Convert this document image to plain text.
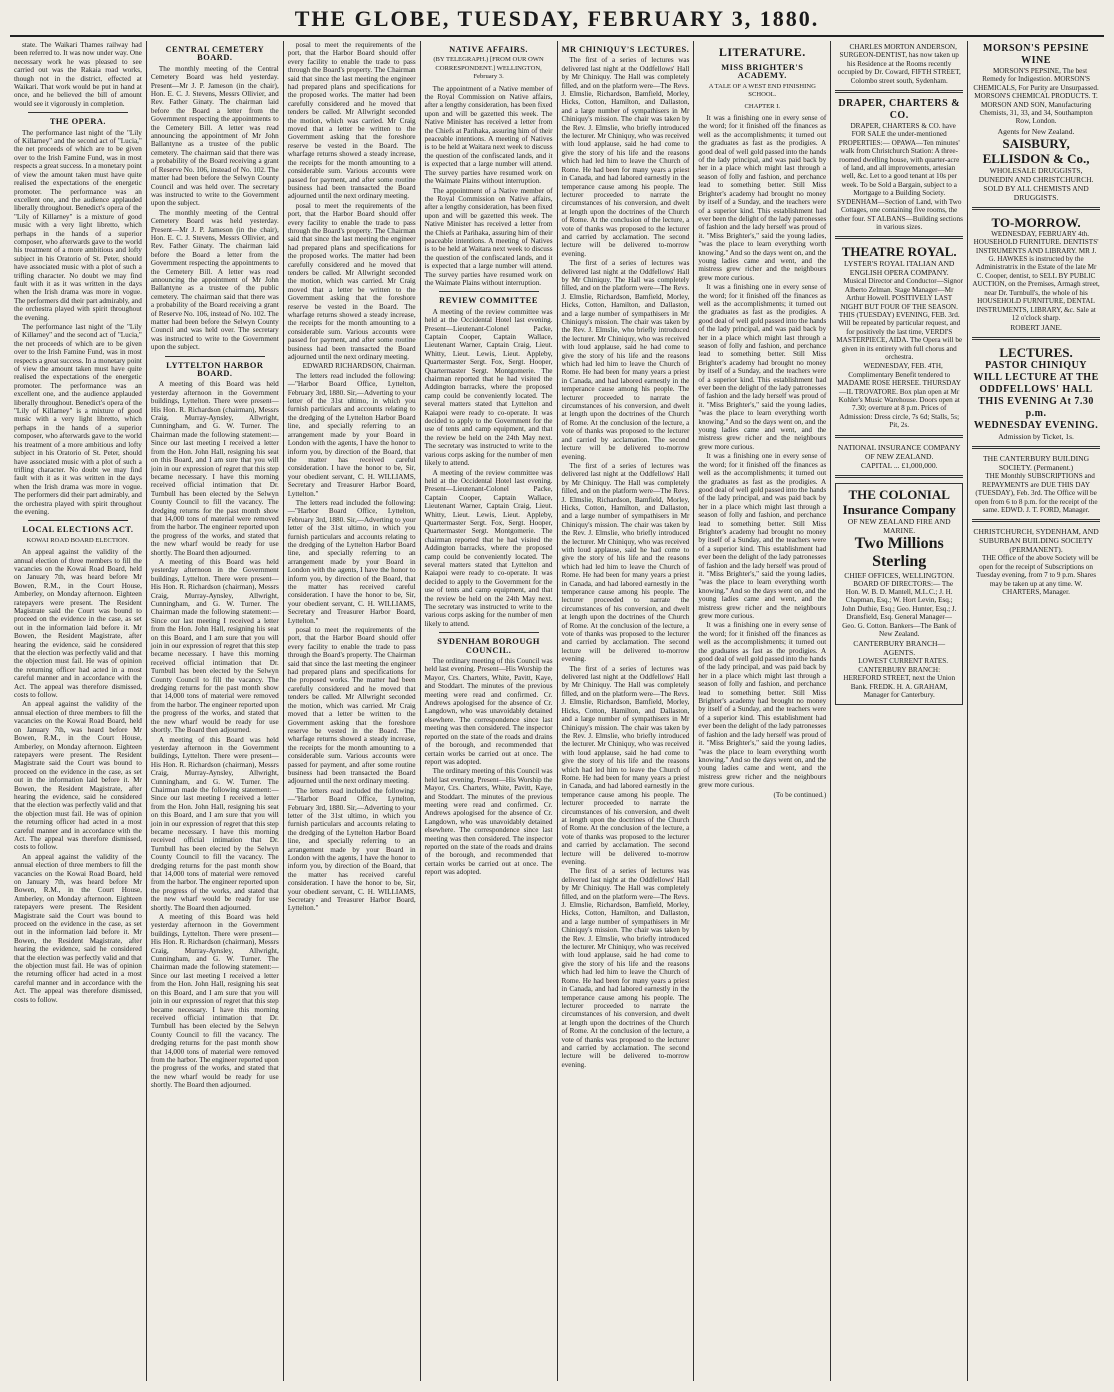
THE GLOBE, TUESDAY, FEBRUARY 3, 1880.

state. The Waikari Thames railway had been referred to. It was now under way. One necessary work he was pleased to see carried out was the Rakaia road works, though not in the district, effected at Waikari. That work would be put in hand at once, and he believed the bill of amount would see it vigorously in completion.

THE OPERA.

The performance last night of the "Lily of Killarney" and the second act of "Lucia," the net proceeds of which are to be given over to the Irish Famine Fund, was in most respects a great success. In a monetary point of view the amount taken must have quite realised the expectations of the energetic promoter. The performance was an excellent one, and the audience applauded liberally throughout. Benedict's opera of the "Lily of Killarney" is a mixture of good music with a very light libretto, which perhaps in the hands of a superior composer, who afterwards gave to the world his treatment of a more ambitious and lofty subject in his Oratorio of St. Peter, should have associated music with a plot of such a trifling character. No doubt we may find fault with it as it was written in the days when the Irish drama was more in vogue. The performers did their part admirably, and the orchestra played with spirit throughout the evening.

The performance last night of the "Lily of Killarney" and the second act of "Lucia," the net proceeds of which are to be given over to the Irish Famine Fund, was in most respects a great success. In a monetary point of view the amount taken must have quite realised the expectations of the energetic promoter. The performance was an excellent one, and the audience applauded liberally throughout. Benedict's opera of the "Lily of Killarney" is a mixture of good music with a very light libretto, which perhaps in the hands of a superior composer, who afterwards gave to the world his treatment of a more ambitious and lofty subject in his Oratorio of St. Peter, should have associated music with a plot of such a trifling character. No doubt we may find fault with it as it was written in the days when the Irish drama was more in vogue. The performers did their part admirably, and the orchestra played with spirit throughout the evening.

LOCAL ELECTIONS ACT.
KOWAI ROAD BOARD ELECTION.

An appeal against the validity of the annual election of three members to fill the vacancies on the Kowai Road Board, held on January 7th, was heard before Mr Bowen, R.M., in the Court House, Amberley, on Monday afternoon. Eighteen ratepayers were present. The Resident Magistrate said the Court was bound to proceed on the evidence in the case, as set out in the information laid before it. Mr Bowen, the Resident Magistrate, after hearing the evidence, said he considered that the election was perfectly valid and that the objection must fail. He was of opinion the returning officer had acted in a most careful manner and in accordance with the Act. The appeal was therefore dismissed, costs to follow.

An appeal against the validity of the annual election of three members to fill the vacancies on the Kowai Road Board, held on January 7th, was heard before Mr Bowen, R.M., in the Court House, Amberley, on Monday afternoon. Eighteen ratepayers were present. The Resident Magistrate said the Court was bound to proceed on the evidence in the case, as set out in the information laid before it. Mr Bowen, the Resident Magistrate, after hearing the evidence, said he considered that the election was perfectly valid and that the objection must fail. He was of opinion the returning officer had acted in a most careful manner and in accordance with the Act. The appeal was therefore dismissed, costs to follow.

An appeal against the validity of the annual election of three members to fill the vacancies on the Kowai Road Board, held on January 7th, was heard before Mr Bowen, R.M., in the Court House, Amberley, on Monday afternoon. Eighteen ratepayers were present. The Resident Magistrate said the Court was bound to proceed on the evidence in the case, as set out in the information laid before it. Mr Bowen, the Resident Magistrate, after hearing the evidence, said he considered that the election was perfectly valid and that the objection must fail. He was of opinion the returning officer had acted in a most careful manner and in accordance with the Act. The appeal was therefore dismissed, costs to follow.

CENTRAL CEMETERY BOARD.

The monthly meeting of the Central Cemetery Board was held yesterday. Present—Mr J. P. Jameson (in the chair), Hon. E. C. J. Stevens, Messrs Ollivier, and Rev. Father Ginaty. The chairman laid before the Board a letter from the Government respecting the appointments to the Cemetery Bill. A letter was read announcing the appointment of Mr John Ballantyne as a trustee of the public cemetery. The chairman said that there was a probability of the Board receiving a grant of Reserve No. 106, instead of No. 102. The matter had been before the Selwyn County Council and was held over. The secretary was instructed to write to the Government upon the subject.

The monthly meeting of the Central Cemetery Board was held yesterday. Present—Mr J. P. Jameson (in the chair), Hon. E. C. J. Stevens, Messrs Ollivier, and Rev. Father Ginaty. The chairman laid before the Board a letter from the Government respecting the appointments to the Cemetery Bill. A letter was read announcing the appointment of Mr John Ballantyne as a trustee of the public cemetery. The chairman said that there was a probability of the Board receiving a grant of Reserve No. 106, instead of No. 102. The matter had been before the Selwyn County Council and was held over. The secretary was instructed to write to the Government upon the subject.

LYTTELTON HARBOR BOARD.

A meeting of this Board was held yesterday afternoon in the Government buildings, Lyttelton. There were present—His Hon. R. Richardson (chairman), Messrs Craig, Murray-Aynsley, Allwright, Cunningham, and G. W. Turner. The Chairman made the following statement:—Since our last meeting I received a letter from the Hon. John Hall, resigning his seat on this Board, and I am sure that you will join in our expression of regret that this step became necessary. I have this morning received official intimation that Dr. Turnbull has been elected by the Selwyn County Council to fill the vacancy. The dredging returns for the past month show that 14,000 tons of material were removed from the harbor. The engineer reported upon the progress of the works, and stated that the new wharf would be ready for use shortly. The Board then adjourned.

A meeting of this Board was held yesterday afternoon in the Government buildings, Lyttelton. There were present—His Hon. R. Richardson (chairman), Messrs Craig, Murray-Aynsley, Allwright, Cunningham, and G. W. Turner. The Chairman made the following statement:—Since our last meeting I received a letter from the Hon. John Hall, resigning his seat on this Board, and I am sure that you will join in our expression of regret that this step became necessary. I have this morning received official intimation that Dr. Turnbull has been elected by the Selwyn County Council to fill the vacancy. The dredging returns for the past month show that 14,000 tons of material were removed from the harbor. The engineer reported upon the progress of the works, and stated that the new wharf would be ready for use shortly. The Board then adjourned.

A meeting of this Board was held yesterday afternoon in the Government buildings, Lyttelton. There were present—His Hon. R. Richardson (chairman), Messrs Craig, Murray-Aynsley, Allwright, Cunningham, and G. W. Turner. The Chairman made the following statement:—Since our last meeting I received a letter from the Hon. John Hall, resigning his seat on this Board, and I am sure that you will join in our expression of regret that this step became necessary. I have this morning received official intimation that Dr. Turnbull has been elected by the Selwyn County Council to fill the vacancy. The dredging returns for the past month show that 14,000 tons of material were removed from the harbor. The engineer reported upon the progress of the works, and stated that the new wharf would be ready for use shortly. The Board then adjourned.

A meeting of this Board was held yesterday afternoon in the Government buildings, Lyttelton. There were present—His Hon. R. Richardson (chairman), Messrs Craig, Murray-Aynsley, Allwright, Cunningham, and G. W. Turner. The Chairman made the following statement:—Since our last meeting I received a letter from the Hon. John Hall, resigning his seat on this Board, and I am sure that you will join in our expression of regret that this step became necessary. I have this morning received official intimation that Dr. Turnbull has been elected by the Selwyn County Council to fill the vacancy. The dredging returns for the past month show that 14,000 tons of material were removed from the harbor. The engineer reported upon the progress of the works, and stated that the new wharf would be ready for use shortly. The Board then adjourned.

posal to meet the requirements of the port, that the Harbor Board should offer every facility to enable the trade to pass through the Board's property. The Chairman said that since the last meeting the engineer had prepared plans and specifications for the proposed works. The matter had been carefully considered and he moved that tenders be called. Mr Allwright seconded the motion, which was carried. Mr Craig moved that a letter be written to the Government asking that the foreshore reserve be vested in the Board. The wharfage returns showed a steady increase, the receipts for the month amounting to a considerable sum. Various accounts were passed for payment, and after some routine business had been transacted the Board adjourned until the next ordinary meeting.

posal to meet the requirements of the port, that the Harbor Board should offer every facility to enable the trade to pass through the Board's property. The Chairman said that since the last meeting the engineer had prepared plans and specifications for the proposed works. The matter had been carefully considered and he moved that tenders be called. Mr Allwright seconded the motion, which was carried. Mr Craig moved that a letter be written to the Government asking that the foreshore reserve be vested in the Board. The wharfage returns showed a steady increase, the receipts for the month amounting to a considerable sum. Various accounts were passed for payment, and after some routine business had been transacted the Board adjourned until the next ordinary meeting.

EDWARD RICHARDSON, Chairman.

The letters read included the following:—"Harbor Board Office, Lyttelton, February 3rd, 1880. Sir,—Adverting to your letter of the 31st ultimo, in which you furnish particulars and accounts relating to the dredging of the Lyttelton Harbor Board line, and specially referring to an arrangement made by your Board in London with the agents, I have the honor to inform you, by direction of the Board, that the matter has received careful consideration. I have the honor to be, Sir, your obedient servant, C. H. WILLIAMS, Secretary and Treasurer Harbor Board, Lyttelton."

The letters read included the following:—"Harbor Board Office, Lyttelton, February 3rd, 1880. Sir,—Adverting to your letter of the 31st ultimo, in which you furnish particulars and accounts relating to the dredging of the Lyttelton Harbor Board line, and specially referring to an arrangement made by your Board in London with the agents, I have the honor to inform you, by direction of the Board, that the matter has received careful consideration. I have the honor to be, Sir, your obedient servant, C. H. WILLIAMS, Secretary and Treasurer Harbor Board, Lyttelton."

posal to meet the requirements of the port, that the Harbor Board should offer every facility to enable the trade to pass through the Board's property. The Chairman said that since the last meeting the engineer had prepared plans and specifications for the proposed works. The matter had been carefully considered and he moved that tenders be called. Mr Allwright seconded the motion, which was carried. Mr Craig moved that a letter be written to the Government asking that the foreshore reserve be vested in the Board. The wharfage returns showed a steady increase, the receipts for the month amounting to a considerable sum. Various accounts were passed for payment, and after some routine business had been transacted the Board adjourned until the next ordinary meeting.

The letters read included the following:—"Harbor Board Office, Lyttelton, February 3rd, 1880. Sir,—Adverting to your letter of the 31st ultimo, in which you furnish particulars and accounts relating to the dredging of the Lyttelton Harbor Board line, and specially referring to an arrangement made by your Board in London with the agents, I have the honor to inform you, by direction of the Board, that the matter has received careful consideration. I have the honor to be, Sir, your obedient servant, C. H. WILLIAMS, Secretary and Treasurer Harbor Board, Lyttelton."

NATIVE AFFAIRS.
(BY TELEGRAPH.) [FROM OUR OWN CORRESPONDENT.] WELLINGTON, February 3.

The appointment of a Native member of the Royal Commission on Native affairs, after a lengthy consideration, has been fixed upon and will be gazetted this week. The Native Minister has received a letter from the Chiefs at Parihaka, assuring him of their peaceable intentions. A meeting of Natives is to be held at Waitara next week to discuss the question of the confiscated lands, and it is expected that a large number will attend. The survey parties have resumed work on the Waimate Plains without interruption.

The appointment of a Native member of the Royal Commission on Native affairs, after a lengthy consideration, has been fixed upon and will be gazetted this week. The Native Minister has received a letter from the Chiefs at Parihaka, assuring him of their peaceable intentions. A meeting of Natives is to be held at Waitara next week to discuss the question of the confiscated lands, and it is expected that a large number will attend. The survey parties have resumed work on the Waimate Plains without interruption.

REVIEW COMMITTEE

A meeting of the review committee was held at the Occidental Hotel last evening. Present—Lieutenant-Colonel Packe, Captain Cooper, Captain Wallace, Lieutenant Warner, Captain Craig, Lieut. Whitty, Lieut. Lewis, Lieut. Appleby, Quartermaster Sergt. Fox, Sergt. Hooper, Quartermaster Sergt. Montgomerie. The chairman reported that he had visited the Addington barracks, where the proposed camp could be conveniently located. The several matters stated that Lyttelton and Kaiapoi were ready to co-operate. It was decided to apply to the Government for the use of tents and camp equipment, and that the review be held on the 24th May next. The secretary was instructed to write to the various corps asking for the number of men likely to attend.

A meeting of the review committee was held at the Occidental Hotel last evening. Present—Lieutenant-Colonel Packe, Captain Cooper, Captain Wallace, Lieutenant Warner, Captain Craig, Lieut. Whitty, Lieut. Lewis, Lieut. Appleby, Quartermaster Sergt. Fox, Sergt. Hooper, Quartermaster Sergt. Montgomerie. The chairman reported that he had visited the Addington barracks, where the proposed camp could be conveniently located. The several matters stated that Lyttelton and Kaiapoi were ready to co-operate. It was decided to apply to the Government for the use of tents and camp equipment, and that the review be held on the 24th May next. The secretary was instructed to write to the various corps asking for the number of men likely to attend.

SYDENHAM BOROUGH COUNCIL.

The ordinary meeting of this Council was held last evening. Present—His Worship the Mayor, Crs. Charters, White, Pavitt, Kaye, and Stoddart. The minutes of the previous meeting were read and confirmed. Cr. Andrews apologised for the absence of Cr. Langdown, who was unavoidably detained elsewhere. The correspondence since last meeting was then considered. The inspector reported on the state of the roads and drains of the borough, and recommended that certain works be carried out at once. The report was adopted.

The ordinary meeting of this Council was held last evening. Present—His Worship the Mayor, Crs. Charters, White, Pavitt, Kaye, and Stoddart. The minutes of the previous meeting were read and confirmed. Cr. Andrews apologised for the absence of Cr. Langdown, who was unavoidably detained elsewhere. The correspondence since last meeting was then considered. The inspector reported on the state of the roads and drains of the borough, and recommended that certain works be carried out at once. The report was adopted.

MR CHINIQUY'S LECTURES.

The first of a series of lectures was delivered last night at the Oddfellows' Hall by Mr Chiniquy. The Hall was completely filled, and on the platform were—The Revs. J. Elmslie, Richardson, Bamfield, Morley, Hicks, Cotton, Hamilton, and Dallaston, and a large number of sympathisers in Mr Chiniquy's mission. The chair was taken by the Rev. J. Elmslie, who briefly introduced the lecturer. Mr Chiniquy, who was received with loud applause, said he had come to give the story of his life and the reasons which had led him to leave the Church of Rome. He had been for many years a priest in Canada, and had labored earnestly in the temperance cause among his people. The lecturer proceeded to narrate the circumstances of his conversion, and dwelt at length upon the doctrines of the Church of Rome. At the conclusion of the lecture, a vote of thanks was proposed to the lecturer and carried by acclamation. The second lecture will be delivered to-morrow evening.

The first of a series of lectures was delivered last night at the Oddfellows' Hall by Mr Chiniquy. The Hall was completely filled, and on the platform were—The Revs. J. Elmslie, Richardson, Bamfield, Morley, Hicks, Cotton, Hamilton, and Dallaston, and a large number of sympathisers in Mr Chiniquy's mission. The chair was taken by the Rev. J. Elmslie, who briefly introduced the lecturer. Mr Chiniquy, who was received with loud applause, said he had come to give the story of his life and the reasons which had led him to leave the Church of Rome. He had been for many years a priest in Canada, and had labored earnestly in the temperance cause among his people. The lecturer proceeded to narrate the circumstances of his conversion, and dwelt at length upon the doctrines of the Church of Rome. At the conclusion of the lecture, a vote of thanks was proposed to the lecturer and carried by acclamation. The second lecture will be delivered to-morrow evening.

The first of a series of lectures was delivered last night at the Oddfellows' Hall by Mr Chiniquy. The Hall was completely filled, and on the platform were—The Revs. J. Elmslie, Richardson, Bamfield, Morley, Hicks, Cotton, Hamilton, and Dallaston, and a large number of sympathisers in Mr Chiniquy's mission. The chair was taken by the Rev. J. Elmslie, who briefly introduced the lecturer. Mr Chiniquy, who was received with loud applause, said he had come to give the story of his life and the reasons which had led him to leave the Church of Rome. He had been for many years a priest in Canada, and had labored earnestly in the temperance cause among his people. The lecturer proceeded to narrate the circumstances of his conversion, and dwelt at length upon the doctrines of the Church of Rome. At the conclusion of the lecture, a vote of thanks was proposed to the lecturer and carried by acclamation. The second lecture will be delivered to-morrow evening.

The first of a series of lectures was delivered last night at the Oddfellows' Hall by Mr Chiniquy. The Hall was completely filled, and on the platform were—The Revs. J. Elmslie, Richardson, Bamfield, Morley, Hicks, Cotton, Hamilton, and Dallaston, and a large number of sympathisers in Mr Chiniquy's mission. The chair was taken by the Rev. J. Elmslie, who briefly introduced the lecturer. Mr Chiniquy, who was received with loud applause, said he had come to give the story of his life and the reasons which had led him to leave the Church of Rome. He had been for many years a priest in Canada, and had labored earnestly in the temperance cause among his people. The lecturer proceeded to narrate the circumstances of his conversion, and dwelt at length upon the doctrines of the Church of Rome. At the conclusion of the lecture, a vote of thanks was proposed to the lecturer and carried by acclamation. The second lecture will be delivered to-morrow evening.

The first of a series of lectures was delivered last night at the Oddfellows' Hall by Mr Chiniquy. The Hall was completely filled, and on the platform were—The Revs. J. Elmslie, Richardson, Bamfield, Morley, Hicks, Cotton, Hamilton, and Dallaston, and a large number of sympathisers in Mr Chiniquy's mission. The chair was taken by the Rev. J. Elmslie, who briefly introduced the lecturer. Mr Chiniquy, who was received with loud applause, said he had come to give the story of his life and the reasons which had led him to leave the Church of Rome. He had been for many years a priest in Canada, and had labored earnestly in the temperance cause among his people. The lecturer proceeded to narrate the circumstances of his conversion, and dwelt at length upon the doctrines of the Church of Rome. At the conclusion of the lecture, a vote of thanks was proposed to the lecturer and carried by acclamation. The second lecture will be delivered to-morrow evening.

LITERATURE.
MISS BRIGHTER'S ACADEMY.
A TALE OF A WEST END FINISHING SCHOOL.
CHAPTER I.

It was a finishing one in every sense of the word; for it finished off the finances as well as the accomplishments; it turned out the graduates as fast as the prodigies. A good deal of well gold passed into the hands of the lady principal, and was paid back by her in a place which might last through a season of folly and fashion, and perchance lead to something better. Still Miss Brighter's academy had brought no money by itself of a Sunday, and the teachers were of a superior kind. This establishment had ever been the delight of the lady patronesses of fashion and the lady herself was proud of it. "Miss Brighter's," said the young ladies, "was the place to learn everything worth knowing." And so the days went on, and the young ladies came and went, and the mistress grew richer and the neighbours grew more curious.

It was a finishing one in every sense of the word; for it finished off the finances as well as the accomplishments; it turned out the graduates as fast as the prodigies. A good deal of well gold passed into the hands of the lady principal, and was paid back by her in a place which might last through a season of folly and fashion, and perchance lead to something better. Still Miss Brighter's academy had brought no money by itself of a Sunday, and the teachers were of a superior kind. This establishment had ever been the delight of the lady patronesses of fashion and the lady herself was proud of it. "Miss Brighter's," said the young ladies, "was the place to learn everything worth knowing." And so the days went on, and the young ladies came and went, and the mistress grew richer and the neighbours grew more curious.

It was a finishing one in every sense of the word; for it finished off the finances as well as the accomplishments; it turned out the graduates as fast as the prodigies. A good deal of well gold passed into the hands of the lady principal, and was paid back by her in a place which might last through a season of folly and fashion, and perchance lead to something better. Still Miss Brighter's academy had brought no money by itself of a Sunday, and the teachers were of a superior kind. This establishment had ever been the delight of the lady patronesses of fashion and the lady herself was proud of it. "Miss Brighter's," said the young ladies, "was the place to learn everything worth knowing." And so the days went on, and the young ladies came and went, and the mistress grew richer and the neighbours grew more curious.

It was a finishing one in every sense of the word; for it finished off the finances as well as the accomplishments; it turned out the graduates as fast as the prodigies. A good deal of well gold passed into the hands of the lady principal, and was paid back by her in a place which might last through a season of folly and fashion, and perchance lead to something better. Still Miss Brighter's academy had brought no money by itself of a Sunday, and the teachers were of a superior kind. This establishment had ever been the delight of the lady patronesses of fashion and the lady herself was proud of it. "Miss Brighter's," said the young ladies, "was the place to learn everything worth knowing." And so the days went on, and the young ladies came and went, and the mistress grew richer and the neighbours grew more curious.

(To be continued.)

CHARLES MORTON ANDERSON, SURGEON-DENTIST, has now taken up his Residence at the Rooms recently occupied by Dr. Coward, FIFTH STREET, Colombo street south, Sydenham.

DRAPER, CHARTERS & CO.

DRAPER, CHARTERS & CO. have FOR SALE the under-mentioned PROPERTIES:— OPAWA—Ten minutes' walk from Christchurch Station: A three-roomed dwelling house, with quarter-acre of land, and all improvements, artesian well, &c. Let to a good tenant at 10s per week. To be Sold a Bargain, subject to a Mortgage to a Building Society. SYDENHAM—Section of Land, with Two Cottages, one containing five rooms, the other four. ST ALBANS—Building sections in various sizes.

THEATRE ROYAL.
LYSTER'S ROYAL ITALIAN AND ENGLISH OPERA COMPANY.

Musical Director and Conductor—Signor Alberto Zelman. Stage Manager—Mr Arthur Howell. POSITIVELY LAST NIGHT BUT FOUR OF THE SEASON. THIS (TUESDAY) EVENING, FEB. 3rd. Will be repeated by particular request, and for positively the last time, VERDI'S MASTERPIECE, AIDA. The Opera will be given in its entirety with full chorus and orchestra.

WEDNESDAY, FEB. 4TH, Complimentary Benefit tendered to MADAME ROSE HERSEE. THURSDAY—IL TROVATORE. Box plan open at Mr Kohler's Music Warehouse. Doors open at 7.30; overture at 8 p.m. Prices of Admission: Dress circle, 7s 6d; Stalls, 5s; Pit, 2s.

NATIONAL INSURANCE COMPANY OF NEW ZEALAND.
CAPITAL ... £1,000,000.
THE COLONIAL Insurance Company
OF NEW ZEALAND FIRE AND MARINE.
Two Millions Sterling
CHIEF OFFICES, WELLINGTON.

BOARD OF DIRECTORS:— The Hon. W. B. D. Mantell, M.L.C.; J. H. Chapman, Esq.; W. Hort Levin, Esq.; John Duthie, Esq.; Geo. Hunter, Esq.; J. Dransfield, Esq. General Manager—Geo. G. Cotton. Bankers—The Bank of New Zealand.

CANTERBURY BRANCH—AGENTS.

LOWEST CURRENT RATES. CANTERBURY BRANCH: HEREFORD STREET, next the Union Bank. FREDK. H. A. GRAHAM, Manager for Canterbury.

MORSON'S PEPSINE WINE

MORSON'S PEPSINE, The best Remedy for Indigestion. MORSON'S CHEMICALS, For Purity are Unsurpassed. MORSON'S CHEMICAL PRODUCTS. T. MORSON AND SON, Manufacturing Chemists, 31, 33, and 34, Southampton Row, London.

Agents for New Zealand.
SAISBURY, ELLISDON & Co.,
WHOLESALE DRUGGISTS, DUNEDIN AND CHRISTCHURCH.
SOLD BY ALL CHEMISTS AND DRUGGISTS.
TO-MORROW.

WEDNESDAY, FEBRUARY 4th. HOUSEHOLD FURNITURE. DENTISTS' INSTRUMENTS AND LIBRARY. MR J. G. HAWKES is instructed by the Administratrix in the Estate of the late Mr C. Cooper, dentist, to SELL BY PUBLIC AUCTION, on the Premises, Armagh street, near Dr. Turnbull's, the whole of his HOUSEHOLD FURNITURE, DENTAL INSTRUMENTS, LIBRARY, &c. Sale at 12 o'clock sharp.

ROBERT JANE.
LECTURES.
PASTOR CHINIQUY WILL LECTURE AT THE ODDFELLOWS' HALL THIS EVENING At 7.30 p.m.
WEDNESDAY EVENING.
Admission by Ticket, 1s.
THE CANTERBURY BUILDING SOCIETY. (Permanent.)

THE Monthly SUBSCRIPTIONS and REPAYMENTS are DUE THIS DAY (TUESDAY), Feb. 3rd. The Office will be open from 6 to 8 p.m. for the receipt of the same. EDWD. J. T. FORD, Manager.

CHRISTCHURCH, SYDENHAM, AND SUBURBAN BUILDING SOCIETY (PERMANENT).

THE Office of the above Society will be open for the receipt of Subscriptions on Tuesday evening, from 7 to 9 p.m. Shares may be taken up at any time. W. CHARTERS, Manager.
